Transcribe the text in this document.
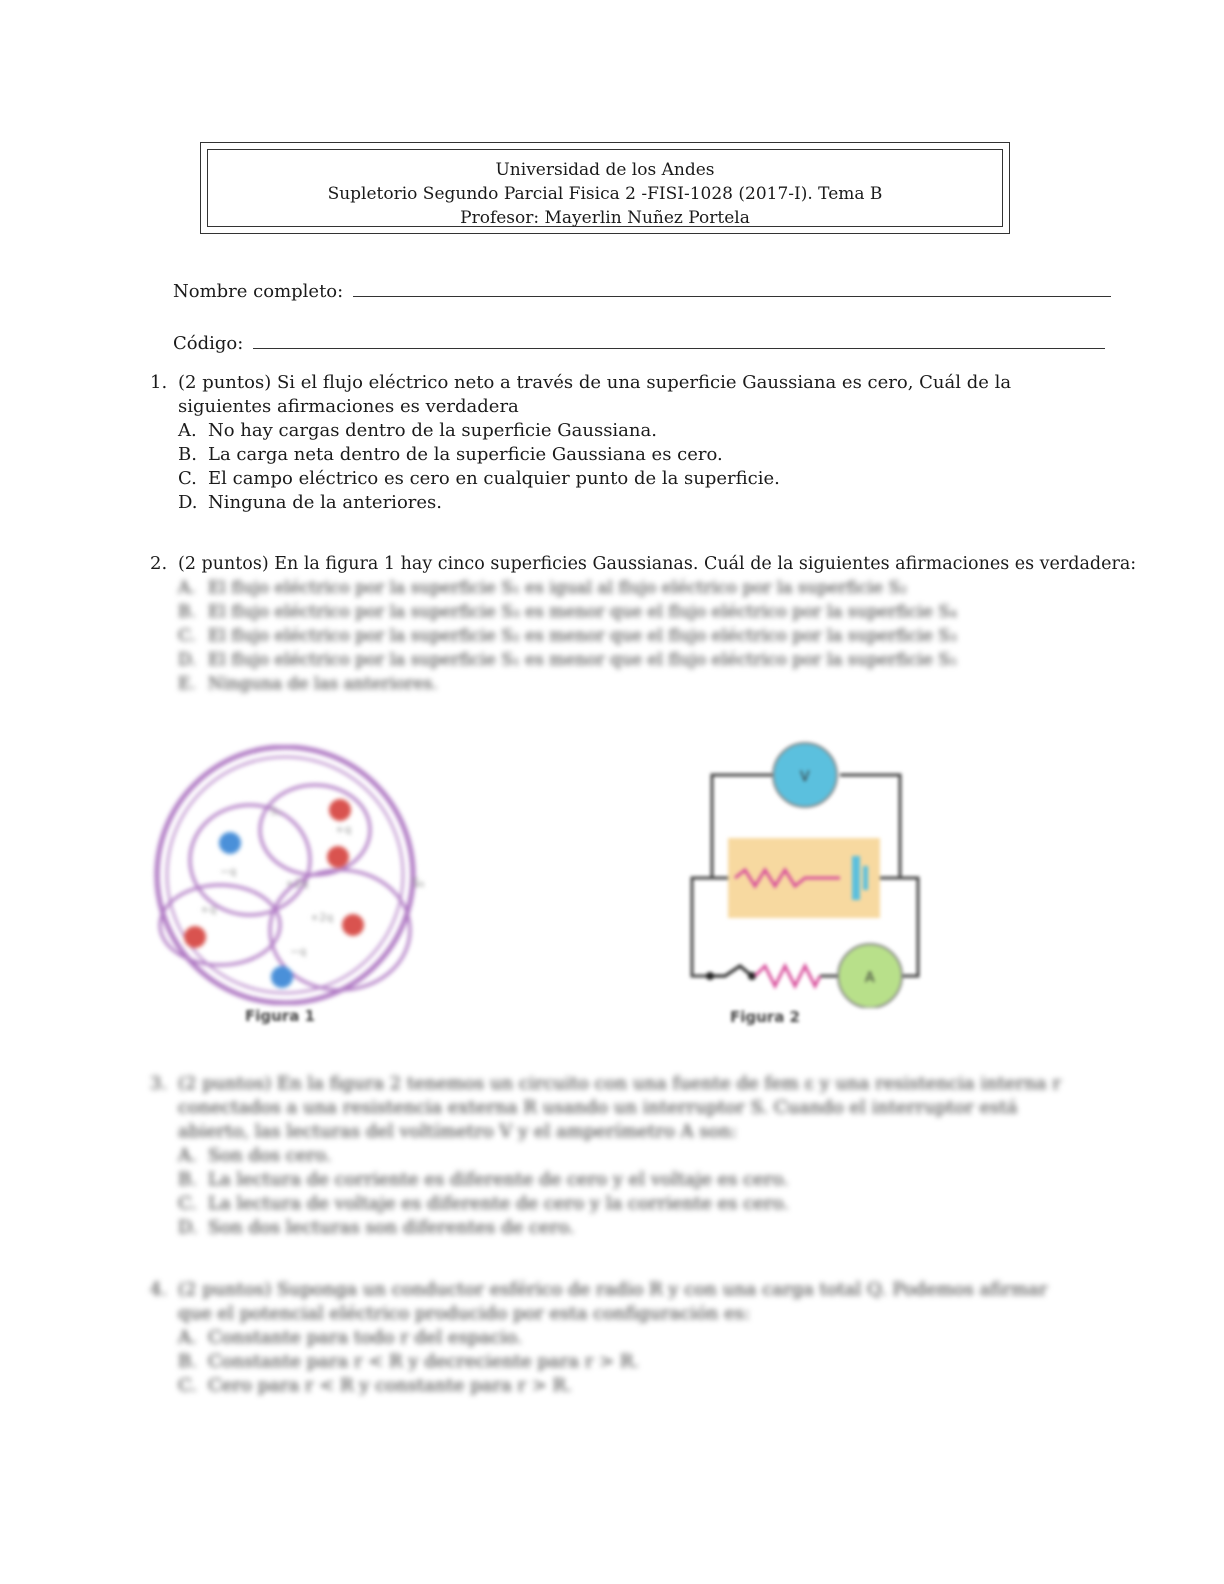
Universidad de los Andes
Supletorio Segundo Parcial Fisica 2 -FISI-1028 (2017-I). Tema B
Profesor: Mayerlin Nuñez Portela
Nombre completo:
Código:
1. (2 puntos) Si el flujo eléctrico neto a través de una superficie Gaussiana es cero, Cuál de la siguientes afirmaciones es verdadera
A. No hay cargas dentro de la superficie Gaussiana.
B. La carga neta dentro de la superficie Gaussiana es cero.
C. El campo eléctrico es cero en cualquier punto de la superficie.
D. Ninguna de la anteriores.
2. (2 puntos) En la figura 1 hay cinco superficies Gaussianas. Cuál de la siguientes afirmaciones es verdadera:
A. El flujo eléctrico por la superficie S₁ es igual al flujo eléctrico por la superficie S₂
B. El flujo eléctrico por la superficie S₃ es menor que el flujo eléctrico por la superficie S₄
C. El flujo eléctrico por la superficie S₂ es menor que el flujo eléctrico por la superficie S₃
D. El flujo eléctrico por la superficie S₁ es menor que el flujo eléctrico por la superficie S₅
E. Ninguna de las anteriores.
S₁
+q
−q
+2q
+q
+2q
−q
S₅
Figura 1
V
A
Figura 2
3. (2 puntos) En la figura 2 tenemos un circuito con una fuente de fem ε y una resistencia interna r conectados a una resistencia externa R usando un interruptor S. Cuando el interruptor está abierto, las lecturas del voltímetro V y el amperímetro A son:
A. Son dos cero.
B. La lectura de corriente es diferente de cero y el voltaje es cero.
C. La lectura de voltaje es diferente de cero y la corriente es cero.
D. Son dos lecturas son diferentes de cero.
4. (2 puntos) Suponga un conductor esférico de radio R y con una carga total Q. Podemos afirmar que el potencial eléctrico producido por esta configuración es:
A. Constante para todo r del espacio.
B. Constante para r < R y decreciente para r > R.
C. Cero para r < R y constante para r > R.
